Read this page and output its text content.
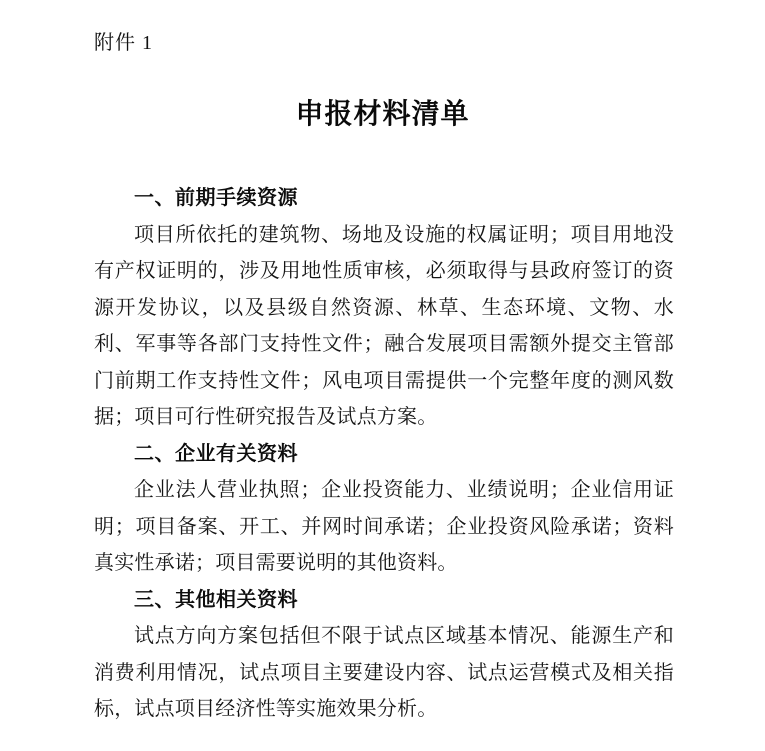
附件 1
申报材料清单
一、前期手续资源

项目所依托的建筑物、场地及设施的权属证明；项目用地没有产权证明的，涉及用地性质审核，必须取得与县政府签订的资源开发协议，以及县级自然资源、林草、生态环境、文物、水利、军事等各部门支持性文件；融合发展项目需额外提交主管部门前期工作支持性文件；风电项目需提供一个完整年度的测风数据；项目可行性研究报告及试点方案。

二、企业有关资料

企业法人营业执照；企业投资能力、业绩说明；企业信用证明；项目备案、开工、并网时间承诺；企业投资风险承诺；资料真实性承诺；项目需要说明的其他资料。

三、其他相关资料

试点方向方案包括但不限于试点区域基本情况、能源生产和消费利用情况，试点项目主要建设内容、试点运营模式及相关指标，试点项目经济性等实施效果分析。
